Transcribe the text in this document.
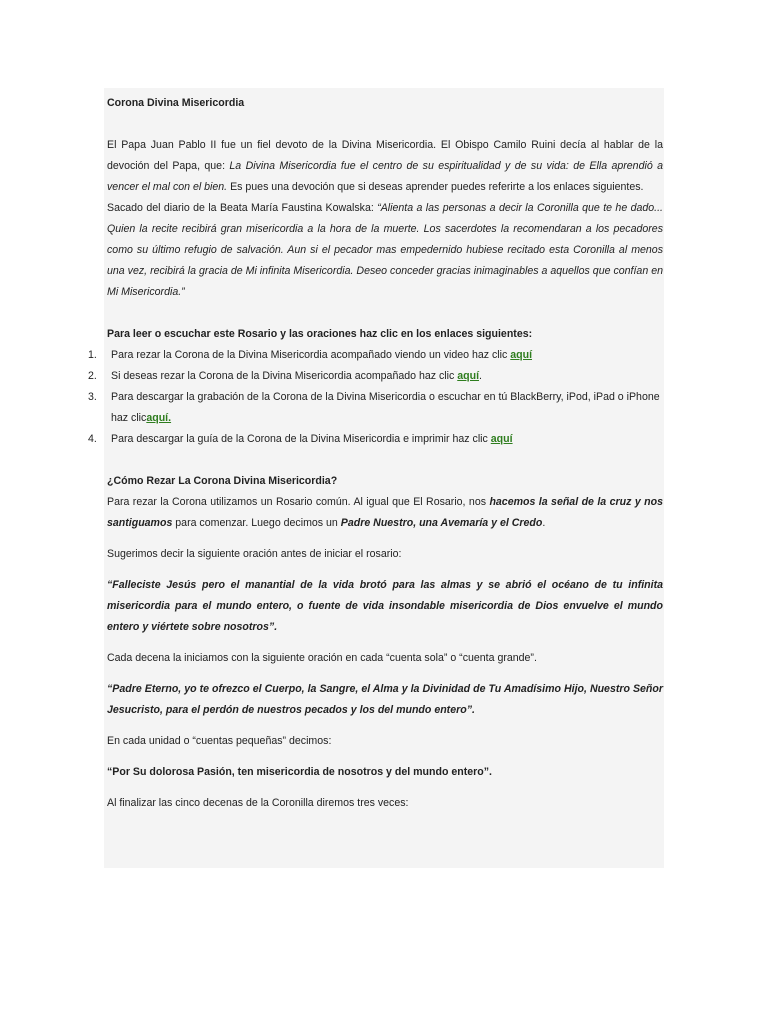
Corona Divina Misericordia

El Papa Juan Pablo II fue un fiel devoto de la Divina Misericordia. El Obispo Camilo Ruini decía al hablar de la devoción del Papa, que: La Divina Misericordia fue el centro de su espiritualidad y de su vida: de Ella aprendió a vencer el mal con el bien. Es pues una devoción que si deseas aprender puedes referirte a los enlaces siguientes.

Sacado del diario de la Beata María Faustina Kowalska: “Alienta a las personas a decir la Coronilla que te he dado... Quien la recite recibirá gran misericordia a la hora de la muerte. Los sacerdotes la recomendaran a los pecadores como su último refugio de salvación. Aun si el pecador mas empedernido hubiese recitado esta Coronilla al menos una vez, recibirá la gracia de Mi infinita Misericordia. Deseo conceder gracias inimaginables a aquellos que confían en Mi Misericordia.”

Para leer o escuchar este Rosario y las oraciones haz clic en los enlaces siguientes:

1. Para rezar la Corona de la Divina Misericordia acompañado viendo un video haz clic aquí
2. Si deseas rezar la Corona de la Divina Misericordia acompañado haz clic aquí.
3. Para descargar la grabación de la Corona de la Divina Misericordia o escuchar en tú BlackBerry, iPod, iPad o iPhone haz clicaquí.
4. Para descargar la guía de la Corona de la Divina Misericordia e imprimir haz clic aquí

¿Cómo Rezar La Corona Divina Misericordia?

Para rezar la Corona utilizamos un Rosario común. Al igual que El Rosario, nos hacemos la señal de la cruz y nos santiguamos para comenzar. Luego decimos un Padre Nuestro, una Avemaría y el Credo.

Sugerimos decir la siguiente oración antes de iniciar el rosario:

“Falleciste Jesús pero el manantial de la vida brotó para las almas y se abrió el océano de tu infinita misericordia para el mundo entero, o fuente de vida insondable misericordia de Dios envuelve el mundo entero y viértete sobre nosotros”.

Cada decena la iniciamos con la siguiente oración en cada “cuenta sola” o “cuenta grande”.

“Padre Eterno, yo te ofrezco el Cuerpo, la Sangre, el Alma y la Divinidad de Tu Amadísimo Hijo, Nuestro Señor Jesucristo, para el perdón de nuestros pecados y los del mundo entero”.

En cada unidad o “cuentas pequeñas” decimos:

“Por Su dolorosa Pasión, ten misericordia de nosotros y del mundo entero”.

Al finalizar las cinco decenas de la Coronilla diremos tres veces:
